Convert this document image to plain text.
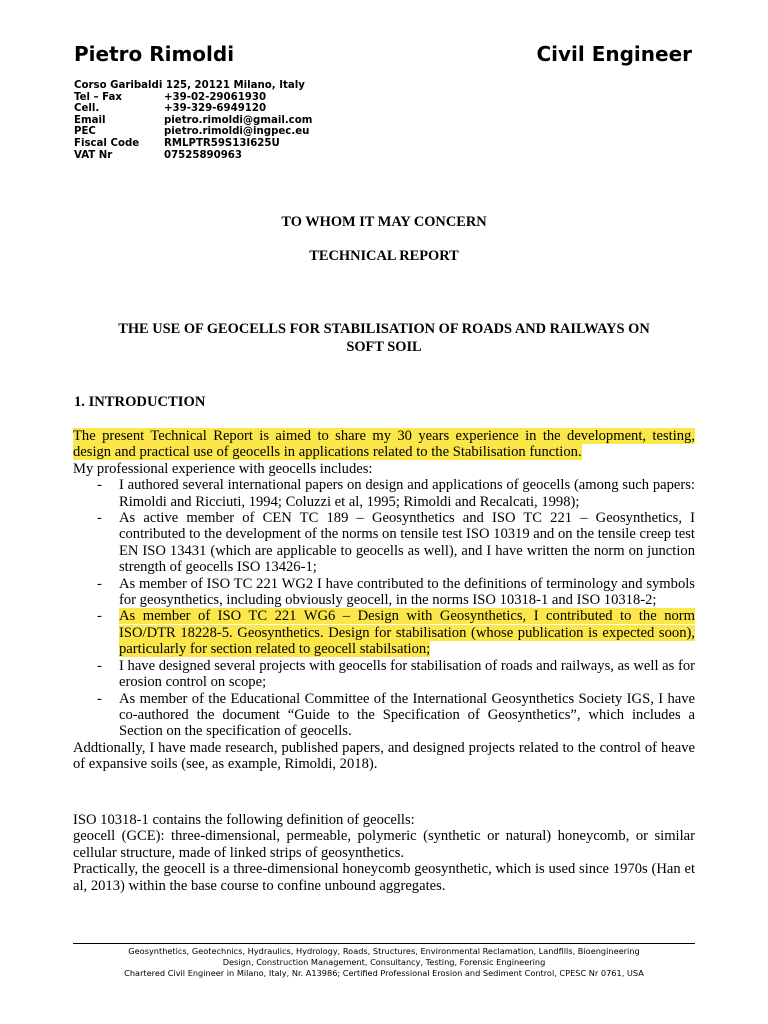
Pietro Rimoldi	Civil Engineer
Corso Garibaldi 125, 20121 Milano, Italy
Tel – Fax	+39-02-29061930
Cell.	+39-329-6949120
Email	pietro.rimoldi@gmail.com
PEC	pietro.rimoldi@ingpec.eu
Fiscal Code RMLPTR59S13I625U
VAT Nr	07525890963
TO WHOM IT MAY CONCERN
TECHNICAL REPORT
THE USE OF GEOCELLS FOR STABILISATION OF ROADS AND RAILWAYS ON
SOFT SOIL
1. INTRODUCTION
The present Technical Report is aimed to share my 30 years experience in the development, testing, design and practical use of geocells in applications related to the Stabilisation function.
My professional experience with geocells includes:
- I authored several international papers on design and applications of geocells (among such papers: Rimoldi and Ricciuti, 1994; Coluzzi et al, 1995; Rimoldi and Recalcati, 1998);
- As active member of CEN TC 189 – Geosynthetics and ISO TC 221 – Geosynthetics, I contributed to the development of the norms on tensile test ISO 10319 and on the tensile creep test EN ISO 13431 (which are applicable to geocells as well), and I have written the norm on junction strength of geocells ISO 13426-1;
- As member of ISO TC 221 WG2 I have contributed to the definitions of terminology and symbols for geosynthetics, including obviously geocell, in the norms ISO 10318-1 and ISO 10318-2;
- As member of ISO TC 221 WG6 – Design with Geosynthetics, I contributed to the norm ISO/DTR 18228-5. Geosynthetics. Design for stabilisation (whose publication is expected soon), particularly for section related to geocell stabilsation;
- I have designed several projects with geocells for stabilisation of roads and railways, as well as for erosion control on scope;
- As member of the Educational Committee of the International Geosynthetics Society IGS, I have co-authored the document “Guide to the Specification of Geosynthetics”, which includes a Section on the specification of geocells.
Addtionally, I have made research, published papers, and designed projects related to the control of heave of expansive soils (see, as example, Rimoldi, 2018).
ISO 10318-1 contains the following definition of geocells:
geocell (GCE): three-dimensional, permeable, polymeric (synthetic or natural) honeycomb, or similar cellular structure, made of linked strips of geosynthetics.
Practically, the geocell is a three-dimensional honeycomb geosynthetic, which is used since 1970s (Han et al, 2013) within the base course to confine unbound aggregates.
Geosynthetics, Geotechnics, Hydraulics, Hydrology, Roads, Structures, Environmental Reclamation, Landfills, Bioengineering
Design, Construction Management, Consultancy, Testing, Forensic Engineering
Chartered Civil Engineer in Milano, Italy, Nr. A13986; Certified Professional Erosion and Sediment Control, CPESC Nr 0761, USA
